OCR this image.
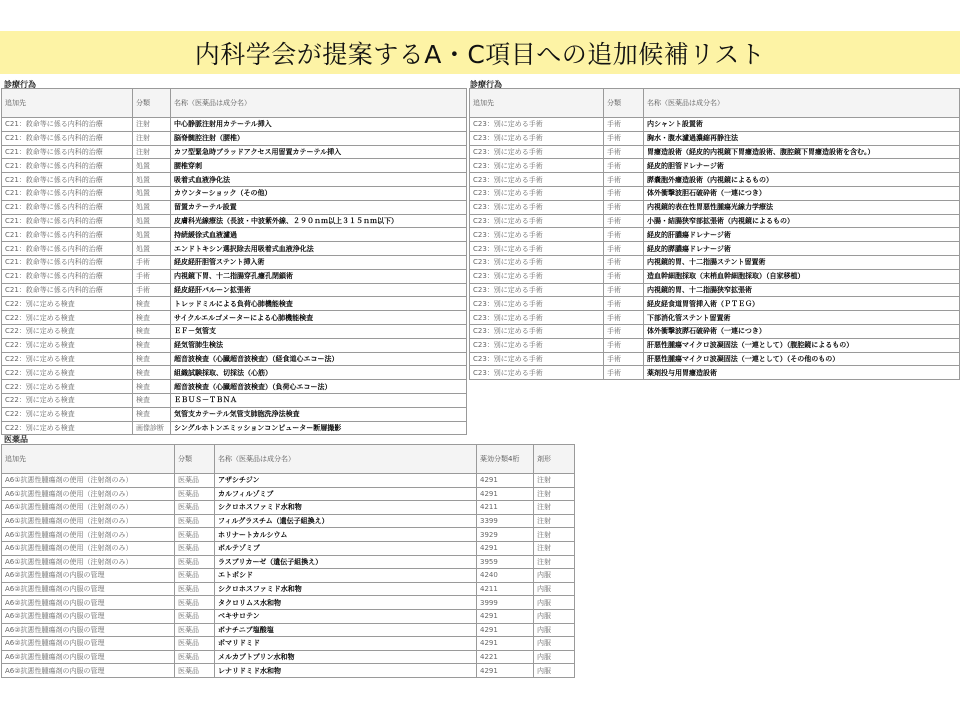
内科学会が提案するA・C項目への追加候補リスト
診療行為	診療行為
医薬品
追加先	分類	名称（医薬品は成分名）
C21：救命等に係る内科的治療	注射	中心静脈注射用カテーテル挿入
C21：救命等に係る内科的治療	注射	脳脊髄腔注射（腰椎）
C21：救命等に係る内科的治療	注射	カフ型緊急時ブラッドアクセス用留置カテーテル挿入
C21：救命等に係る内科的治療	処置	腰椎穿刺
C21：救命等に係る内科的治療	処置	吸着式血液浄化法
C21：救命等に係る内科的治療	処置	カウンターショック（その他）
C21：救命等に係る内科的治療	処置	留置カテーテル設置
C21：救命等に係る内科的治療	処置	皮膚科光線療法（長波・中波紫外線、２９０ｎｍ以上３１５ｎｍ以下）
C21：救命等に係る内科的治療	処置	持続緩徐式血液濾過
C21：救命等に係る内科的治療	処置	エンドトキシン選択除去用吸着式血液浄化法
C21：救命等に係る内科的治療	手術	経皮経肝胆管ステント挿入術
C21：救命等に係る内科的治療	手術	内視鏡下胃、十二指腸穿孔瘻孔閉鎖術
C21：救命等に係る内科的治療	手術	経皮経肝バルーン拡張術
C22：別に定める検査	検査	トレッドミルによる負荷心肺機能検査
C22：別に定める検査	検査	サイクルエルゴメーターによる心肺機能検査
C22：別に定める検査	検査	ＥＦ－気管支
C22：別に定める検査	検査	経気管肺生検法
C22：別に定める検査	検査	超音波検査（心臓超音波検査）（経食道心エコー法）
C22：別に定める検査	検査	組織試験採取、切採法（心筋）
C22：別に定める検査	検査	超音波検査（心臓超音波検査）（負荷心エコー法）
C22：別に定める検査	検査	ＥＢＵＳ－ＴＢＮＡ
C22：別に定める検査	検査	気管支カテーテル気管支肺胞洗浄法検査
C22：別に定める検査	画像診断	シングルホトンエミッションコンピューター断層撮影
追加先	分類	名称（医薬品は成分名）
C23：別に定める手術	手術	内シャント設置術
C23：別に定める手術	手術	胸水・腹水濾過濃縮再静注法
C23：別に定める手術	手術	胃瘻造設術（経皮的内視鏡下胃瘻造設術、腹腔鏡下胃瘻造設術を含む。）
C23：別に定める手術	手術	経皮的胆管ドレナージ術
C23：別に定める手術	手術	膵嚢胞外瘻造設術（内視鏡によるもの）
C23：別に定める手術	手術	体外衝撃波胆石破砕術（一連につき）
C23：別に定める手術	手術	内視鏡的表在性胃悪性腫瘍光線力学療法
C23：別に定める手術	手術	小腸・結腸狭窄部拡張術（内視鏡によるもの）
C23：別に定める手術	手術	経皮的肝膿瘍ドレナージ術
C23：別に定める手術	手術	経皮的膵膿瘍ドレナージ術
C23：別に定める手術	手術	内視鏡的胃、十二指腸ステント留置術
C23：別に定める手術	手術	造血幹細胞採取（末梢血幹細胞採取）（自家移植）
C23：別に定める手術	手術	内視鏡的胃、十二指腸狭窄拡張術
C23：別に定める手術	手術	経皮経食道胃管挿入術（ＰＴＥＧ）
C23：別に定める手術	手術	下部消化管ステント留置術
C23：別に定める手術	手術	体外衝撃波膵石破砕術（一連につき）
C23：別に定める手術	手術	肝悪性腫瘍マイクロ波凝固法（一連として）（腹腔鏡によるもの）
C23：別に定める手術	手術	肝悪性腫瘍マイクロ波凝固法（一連として）（その他のもの）
C23：別に定める手術	手術	薬剤投与用胃瘻造設術
追加先	分類	名称（医薬品は成分名）	薬効分類4桁	剤形
A6①抗悪性腫瘍剤の使用（注射剤のみ）	医薬品	アザシチジン	4291	注射
A6①抗悪性腫瘍剤の使用（注射剤のみ）	医薬品	カルフィルゾミブ	4291	注射
A6①抗悪性腫瘍剤の使用（注射剤のみ）	医薬品	シクロホスファミド水和物	4211	注射
A6①抗悪性腫瘍剤の使用（注射剤のみ）	医薬品	フィルグラスチム（遺伝子組換え）	3399	注射
A6①抗悪性腫瘍剤の使用（注射剤のみ）	医薬品	ホリナートカルシウム	3929	注射
A6①抗悪性腫瘍剤の使用（注射剤のみ）	医薬品	ボルテゾミブ	4291	注射
A6①抗悪性腫瘍剤の使用（注射剤のみ）	医薬品	ラスブリカーゼ（遺伝子組換え）	3959	注射
A6②抗悪性腫瘍剤の内服の管理	医薬品	エトポシド	4240	内服
A6②抗悪性腫瘍剤の内服の管理	医薬品	シクロホスファミド水和物	4211	内服
A6②抗悪性腫瘍剤の内服の管理	医薬品	タクロリムス水和物	3999	内服
A6②抗悪性腫瘍剤の内服の管理	医薬品	ベキサロテン	4291	内服
A6②抗悪性腫瘍剤の内服の管理	医薬品	ボナチニブ塩酸塩	4291	内服
A6②抗悪性腫瘍剤の内服の管理	医薬品	ポマリドミド	4291	内服
A6②抗悪性腫瘍剤の内服の管理	医薬品	メルカプトプリン水和物	4221	内服
A6②抗悪性腫瘍剤の内服の管理	医薬品	レナリドミド水和物	4291	内服
